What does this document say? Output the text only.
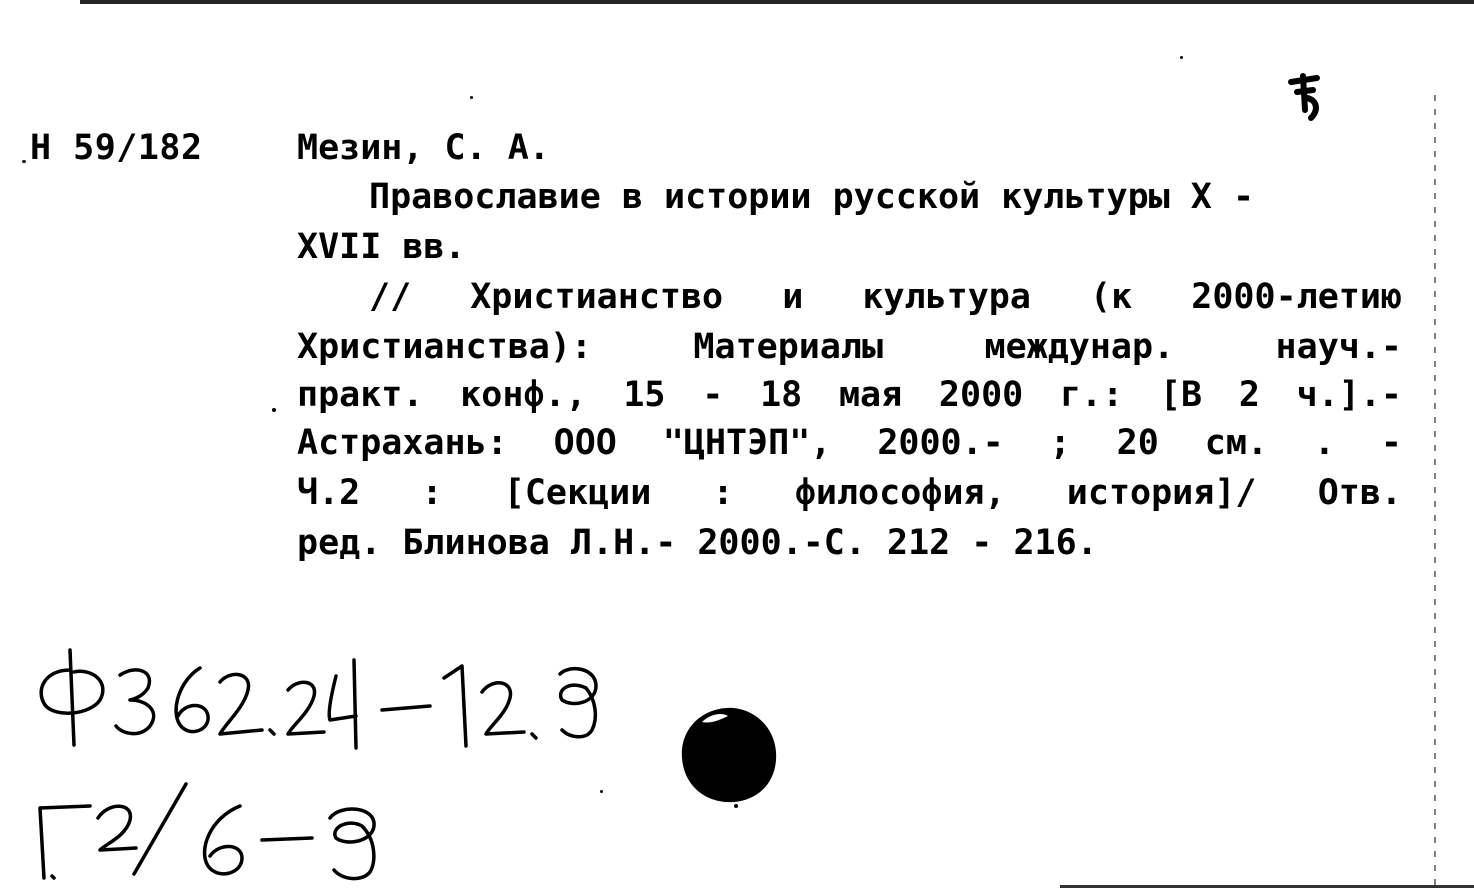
Н 59/182	Мезин, С. А.
Православие в истории русской культуры X -
XVII вв.
// Христианство и культура (к 2000-летию
Христианства): Материалы междунар. науч.-
практ. конф., 15 - 18 мая 2000 г.: [В 2 ч.].-
Астрахань: ООО "ЦНТЭП", 2000.- ; 20 см. . -
Ч.2 : [Секции : философия, история]/ Отв.
ред. Блинова Л.Н.- 2000.-С. 212 - 216.
